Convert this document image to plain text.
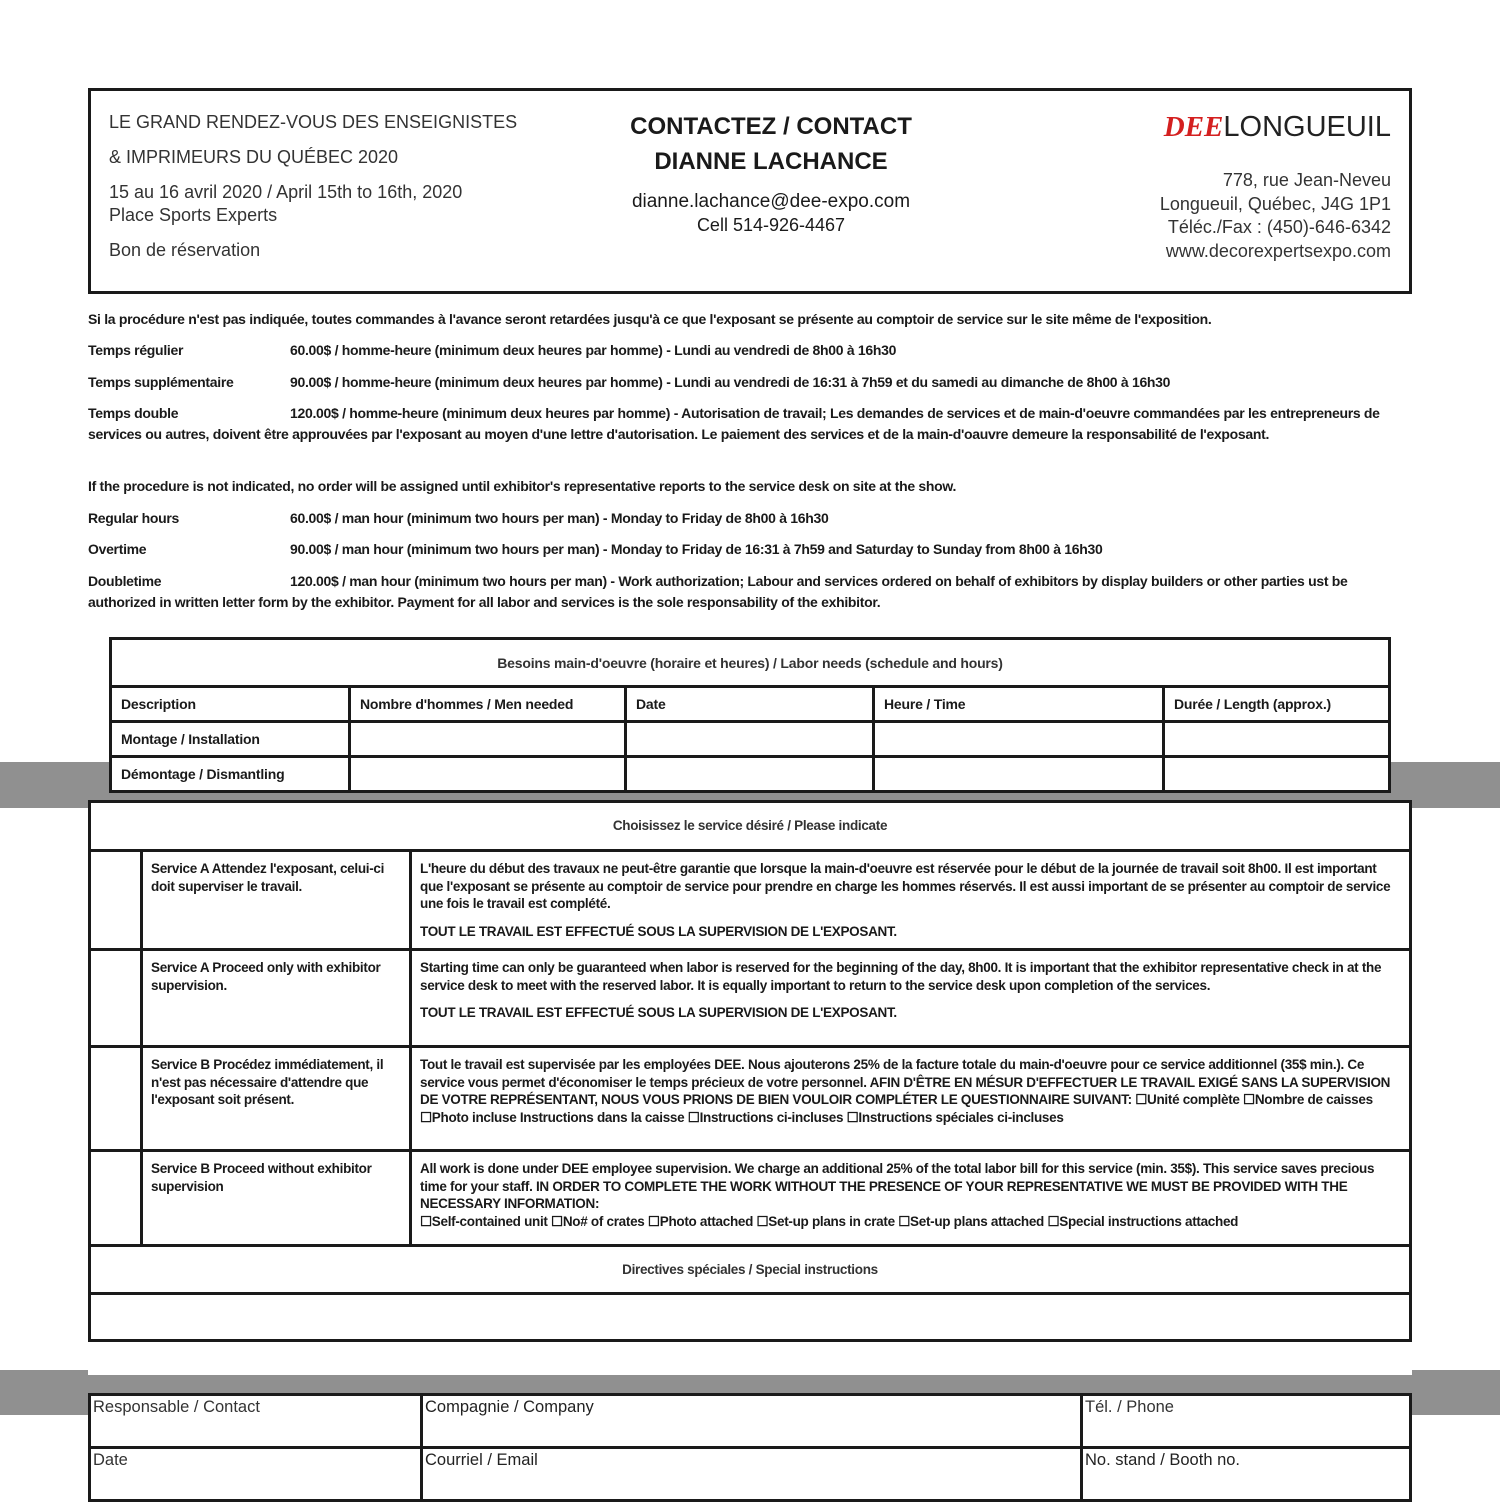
LE GRAND RENDEZ-VOUS DES ENSEIGNISTES
& IMPRIMEURS DU QUÉBEC 2020
15 au 16 avril 2020 / April 15th to 16th, 2020
Place Sports Experts
Bon de réservation
CONTACTEZ / CONTACT
DIANNE LACHANCE
dianne.lachance@dee-expo.com
Cell 514-926-4467
DEELONGUEUIL
778, rue Jean-Neveu
Longueuil, Québec, J4G 1P1
Téléc./Fax : (450)-646-6342
www.decorexpertsexpo.com
Si la procédure n'est pas indiquée, toutes commandes à l'avance seront retardées jusqu'à ce que l'exposant se présente au comptoir de service sur le site même de l'exposition.
Temps régulier	60.00$ / homme-heure (minimum deux heures par homme) - Lundi au vendredi de 8h00 à 16h30
Temps supplémentaire	90.00$ / homme-heure (minimum deux heures par homme) - Lundi au vendredi de 16:31 à 7h59 et du samedi au dimanche de 8h00 à 16h30
Temps double	120.00$ / homme-heure (minimum deux heures par homme) - Autorisation de travail; Les demandes de services et de main-d'oeuvre commandées par les entrepreneurs de services ou autres, doivent être approuvées par l'exposant au moyen d'une lettre d'autorisation. Le paiement des services et de la main-d'oauvre demeure la responsabilité de l'exposant.
If the procedure is not indicated, no order will be assigned until exhibitor's representative reports to the service desk on site at the show.
Regular hours	60.00$ / man hour (minimum two hours per man) - Monday to Friday de 8h00 à 16h30
Overtime	90.00$ / man hour (minimum two hours per man) - Monday to Friday de 16:31 à 7h59 and Saturday to Sunday from 8h00 à 16h30
Doubletime	120.00$ / man hour (minimum two hours per man) - Work authorization; Labour and services ordered on behalf of exhibitors by display builders or other parties ust be authorized in written letter form by the exhibitor. Payment for all labor and services is the sole responsability of the exhibitor.
Besoins main-d'oeuvre (horaire et heures) / Labor needs (schedule and hours)				
Description	Nombre d'hommes / Men needed	Date	Heure / Time	Durée / Length (approx.)
Montage / Installation				
Démontage / Dismantling				
Choisissez le service désiré / Please indicate		
	Service A Attendez l'exposant, celui-ci doit superviser le travail.	L'heure du début des travaux ne peut-être garantie que lorsque la main-d'oeuvre est réservée pour le début de la journée de travail soit 8h00. Il est important que l'exposant se présente au comptoir de service pour prendre en charge les hommes réservés. Il est aussi important de se présenter au comptoir de service une fois le travail est complété.

TOUT LE TRAVAIL EST EFFECTUÉ SOUS LA SUPERVISION DE L'EXPOSANT.

	Service A Proceed only with exhibitor supervision.	Starting time can only be guaranteed when labor is reserved for the beginning of the day, 8h00. It is important that the exhibitor representative check in at the service desk to meet with the reserved labor. It is equally important to return to the service desk upon completion of the services.

TOUT LE TRAVAIL EST EFFECTUÉ SOUS LA SUPERVISION DE L'EXPOSANT.

	Service B Procédez immédiatement, il n'est pas nécessaire d'attendre que l'exposant soit présent.	Tout le travail est supervisée par les employées DEE. Nous ajouterons 25% de la facture totale du main-d'oeuvre pour ce service additionnel (35$ min.). Ce service vous permet d'économiser le temps précieux de votre personnel. AFIN D'ÊTRE EN MÉSUR D'EFFECTUER LE TRAVAIL EXIGÉ SANS LA SUPERVISION DE VOTRE REPRÉSENTANT, NOUS VOUS PRIONS DE BIEN VOULOIR COMPLÉTER LE QUESTIONNAIRE SUIVANT: ☐Unité complète ☐Nombre de caisses ☐Photo incluse Instructions dans la caisse ☐Instructions ci-incluses ☐Instructions spéciales ci-incluses

	Service B Proceed without exhibitor supervision	All work is done under DEE employee supervision. We charge an additional 25% of the total labor bill for this service (min. 35$). This service saves precious time for your staff. IN ORDER TO COMPLETE THE WORK WITHOUT THE PRESENCE OF YOUR REPRESENTATIVE WE MUST BE PROVIDED WITH THE NECESSARY INFORMATION:

☐Self-contained unit ☐No# of crates ☐Photo attached ☐Set-up plans in crate ☐Set-up plans attached ☐Special instructions attached

Directives spéciales / Special instructions		

Responsable / Contact	Compagnie / Company	Tél. / Phone
Date	Courriel / Email	No. stand / Booth no.
